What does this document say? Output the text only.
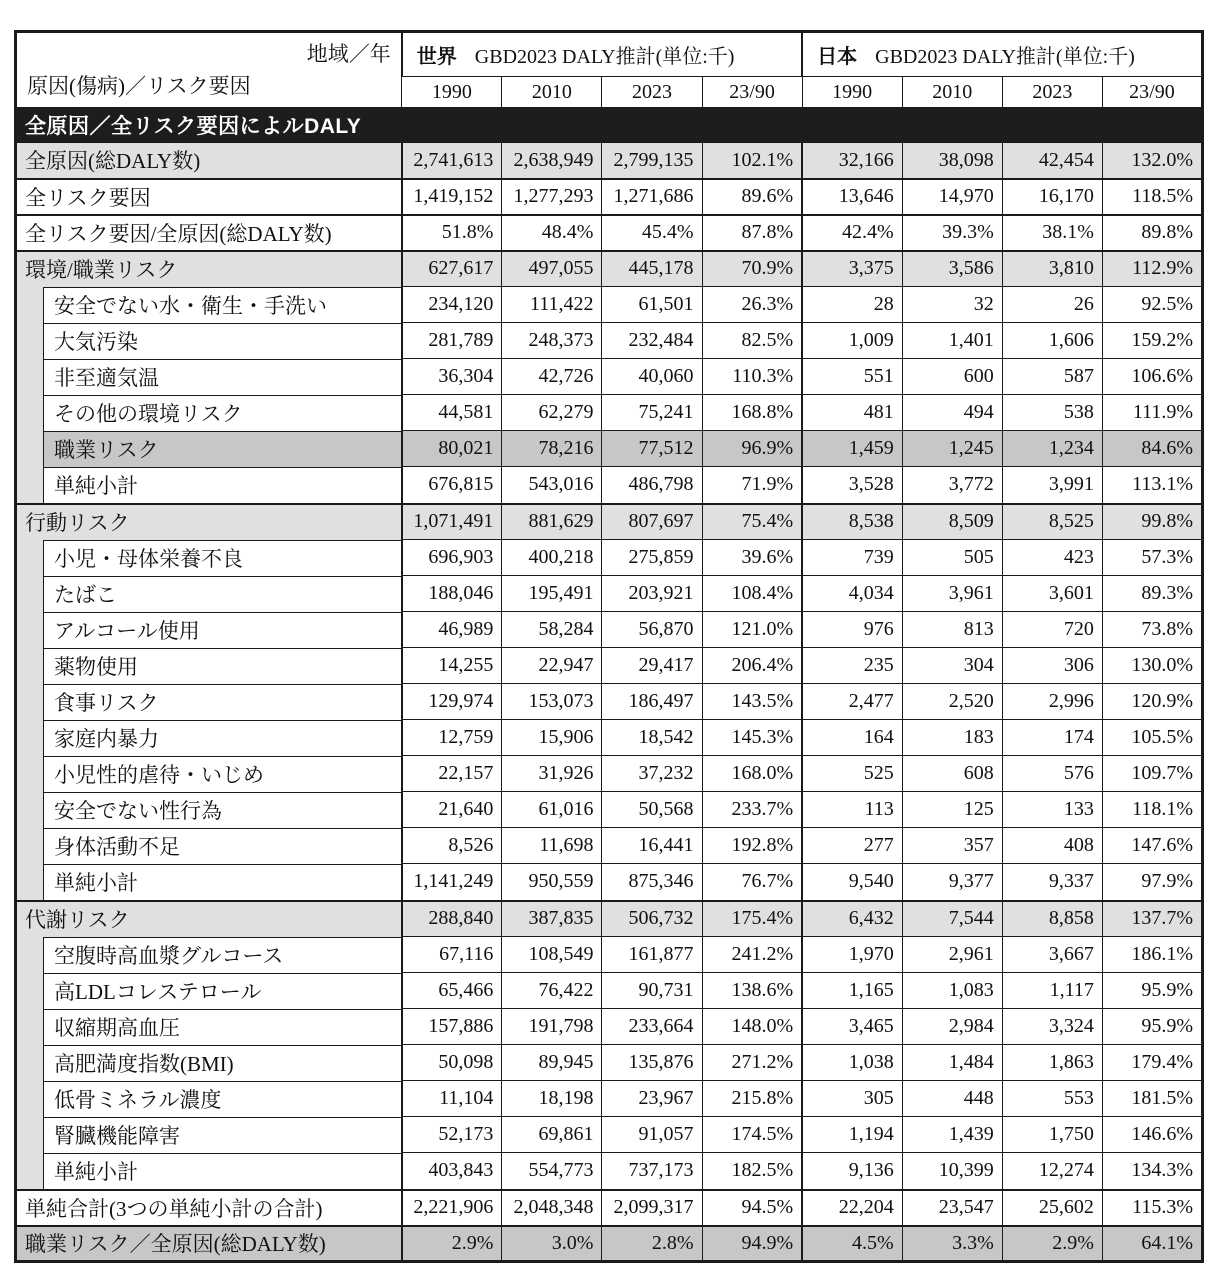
地域／年
原因(傷病)／リスク要因	世界 GBD2023 DALY推計(単位:千)				日本 GBD2023 DALY推計(単位:千)			
	1990	2010	2023	23/90	1990	2010	2023	23/90
全原因／全リスク要因によルDALY								
全原因(総DALY数)	2,741,613	2,638,949	2,799,135	102.1%	32,166	38,098	42,454	132.0%
全リスク要因	1,419,152	1,277,293	1,271,686	89.6%	13,646	14,970	16,170	118.5%
全リスク要因/全原因(総DALY数)	51.8%	48.4%	45.4%	87.8%	42.4%	39.3%	38.1%	89.8%
環境/職業リスク	627,617	497,055	445,178	70.9%	3,375	3,586	3,810	112.9%

安全でない水・衛生・手洗い	234,120	111,422	61,501	26.3%	28	32	26	92.5%

大気汚染	281,789	248,373	232,484	82.5%	1,009	1,401	1,606	159.2%

非至適気温	36,304	42,726	40,060	110.3%	551	600	587	106.6%

その他の環境リスク	44,581	62,279	75,241	168.8%	481	494	538	111.9%

職業リスク	80,021	78,216	77,512	96.9%	1,459	1,245	1,234	84.6%

単純小計	676,815	543,016	486,798	71.9%	3,528	3,772	3,991	113.1%
行動リスク	1,071,491	881,629	807,697	75.4%	8,538	8,509	8,525	99.8%

小児・母体栄養不良	696,903	400,218	275,859	39.6%	739	505	423	57.3%

たばこ	188,046	195,491	203,921	108.4%	4,034	3,961	3,601	89.3%

アルコール使用	46,989	58,284	56,870	121.0%	976	813	720	73.8%

薬物使用	14,255	22,947	29,417	206.4%	235	304	306	130.0%

食事リスク	129,974	153,073	186,497	143.5%	2,477	2,520	2,996	120.9%

家庭内暴力	12,759	15,906	18,542	145.3%	164	183	174	105.5%

小児性的虐待・いじめ	22,157	31,926	37,232	168.0%	525	608	576	109.7%

安全でない性行為	21,640	61,016	50,568	233.7%	113	125	133	118.1%

身体活動不足	8,526	11,698	16,441	192.8%	277	357	408	147.6%

単純小計	1,141,249	950,559	875,346	76.7%	9,540	9,377	9,337	97.9%
代謝リスク	288,840	387,835	506,732	175.4%	6,432	7,544	8,858	137.7%

空腹時高血漿グルコース	67,116	108,549	161,877	241.2%	1,970	2,961	3,667	186.1%

高LDLコレステロール	65,466	76,422	90,731	138.6%	1,165	1,083	1,117	95.9%

収縮期高血圧	157,886	191,798	233,664	148.0%	3,465	2,984	3,324	95.9%

高肥満度指数(BMI)	50,098	89,945	135,876	271.2%	1,038	1,484	1,863	179.4%

低骨ミネラル濃度	11,104	18,198	23,967	215.8%	305	448	553	181.5%

腎臓機能障害	52,173	69,861	91,057	174.5%	1,194	1,439	1,750	146.6%

単純小計	403,843	554,773	737,173	182.5%	9,136	10,399	12,274	134.3%
単純合計(3つの単純小計の合計)	2,221,906	2,048,348	2,099,317	94.5%	22,204	23,547	25,602	115.3%
職業リスク／全原因(総DALY数)	2.9%	3.0%	2.8%	94.9%	4.5%	3.3%	2.9%	64.1%
